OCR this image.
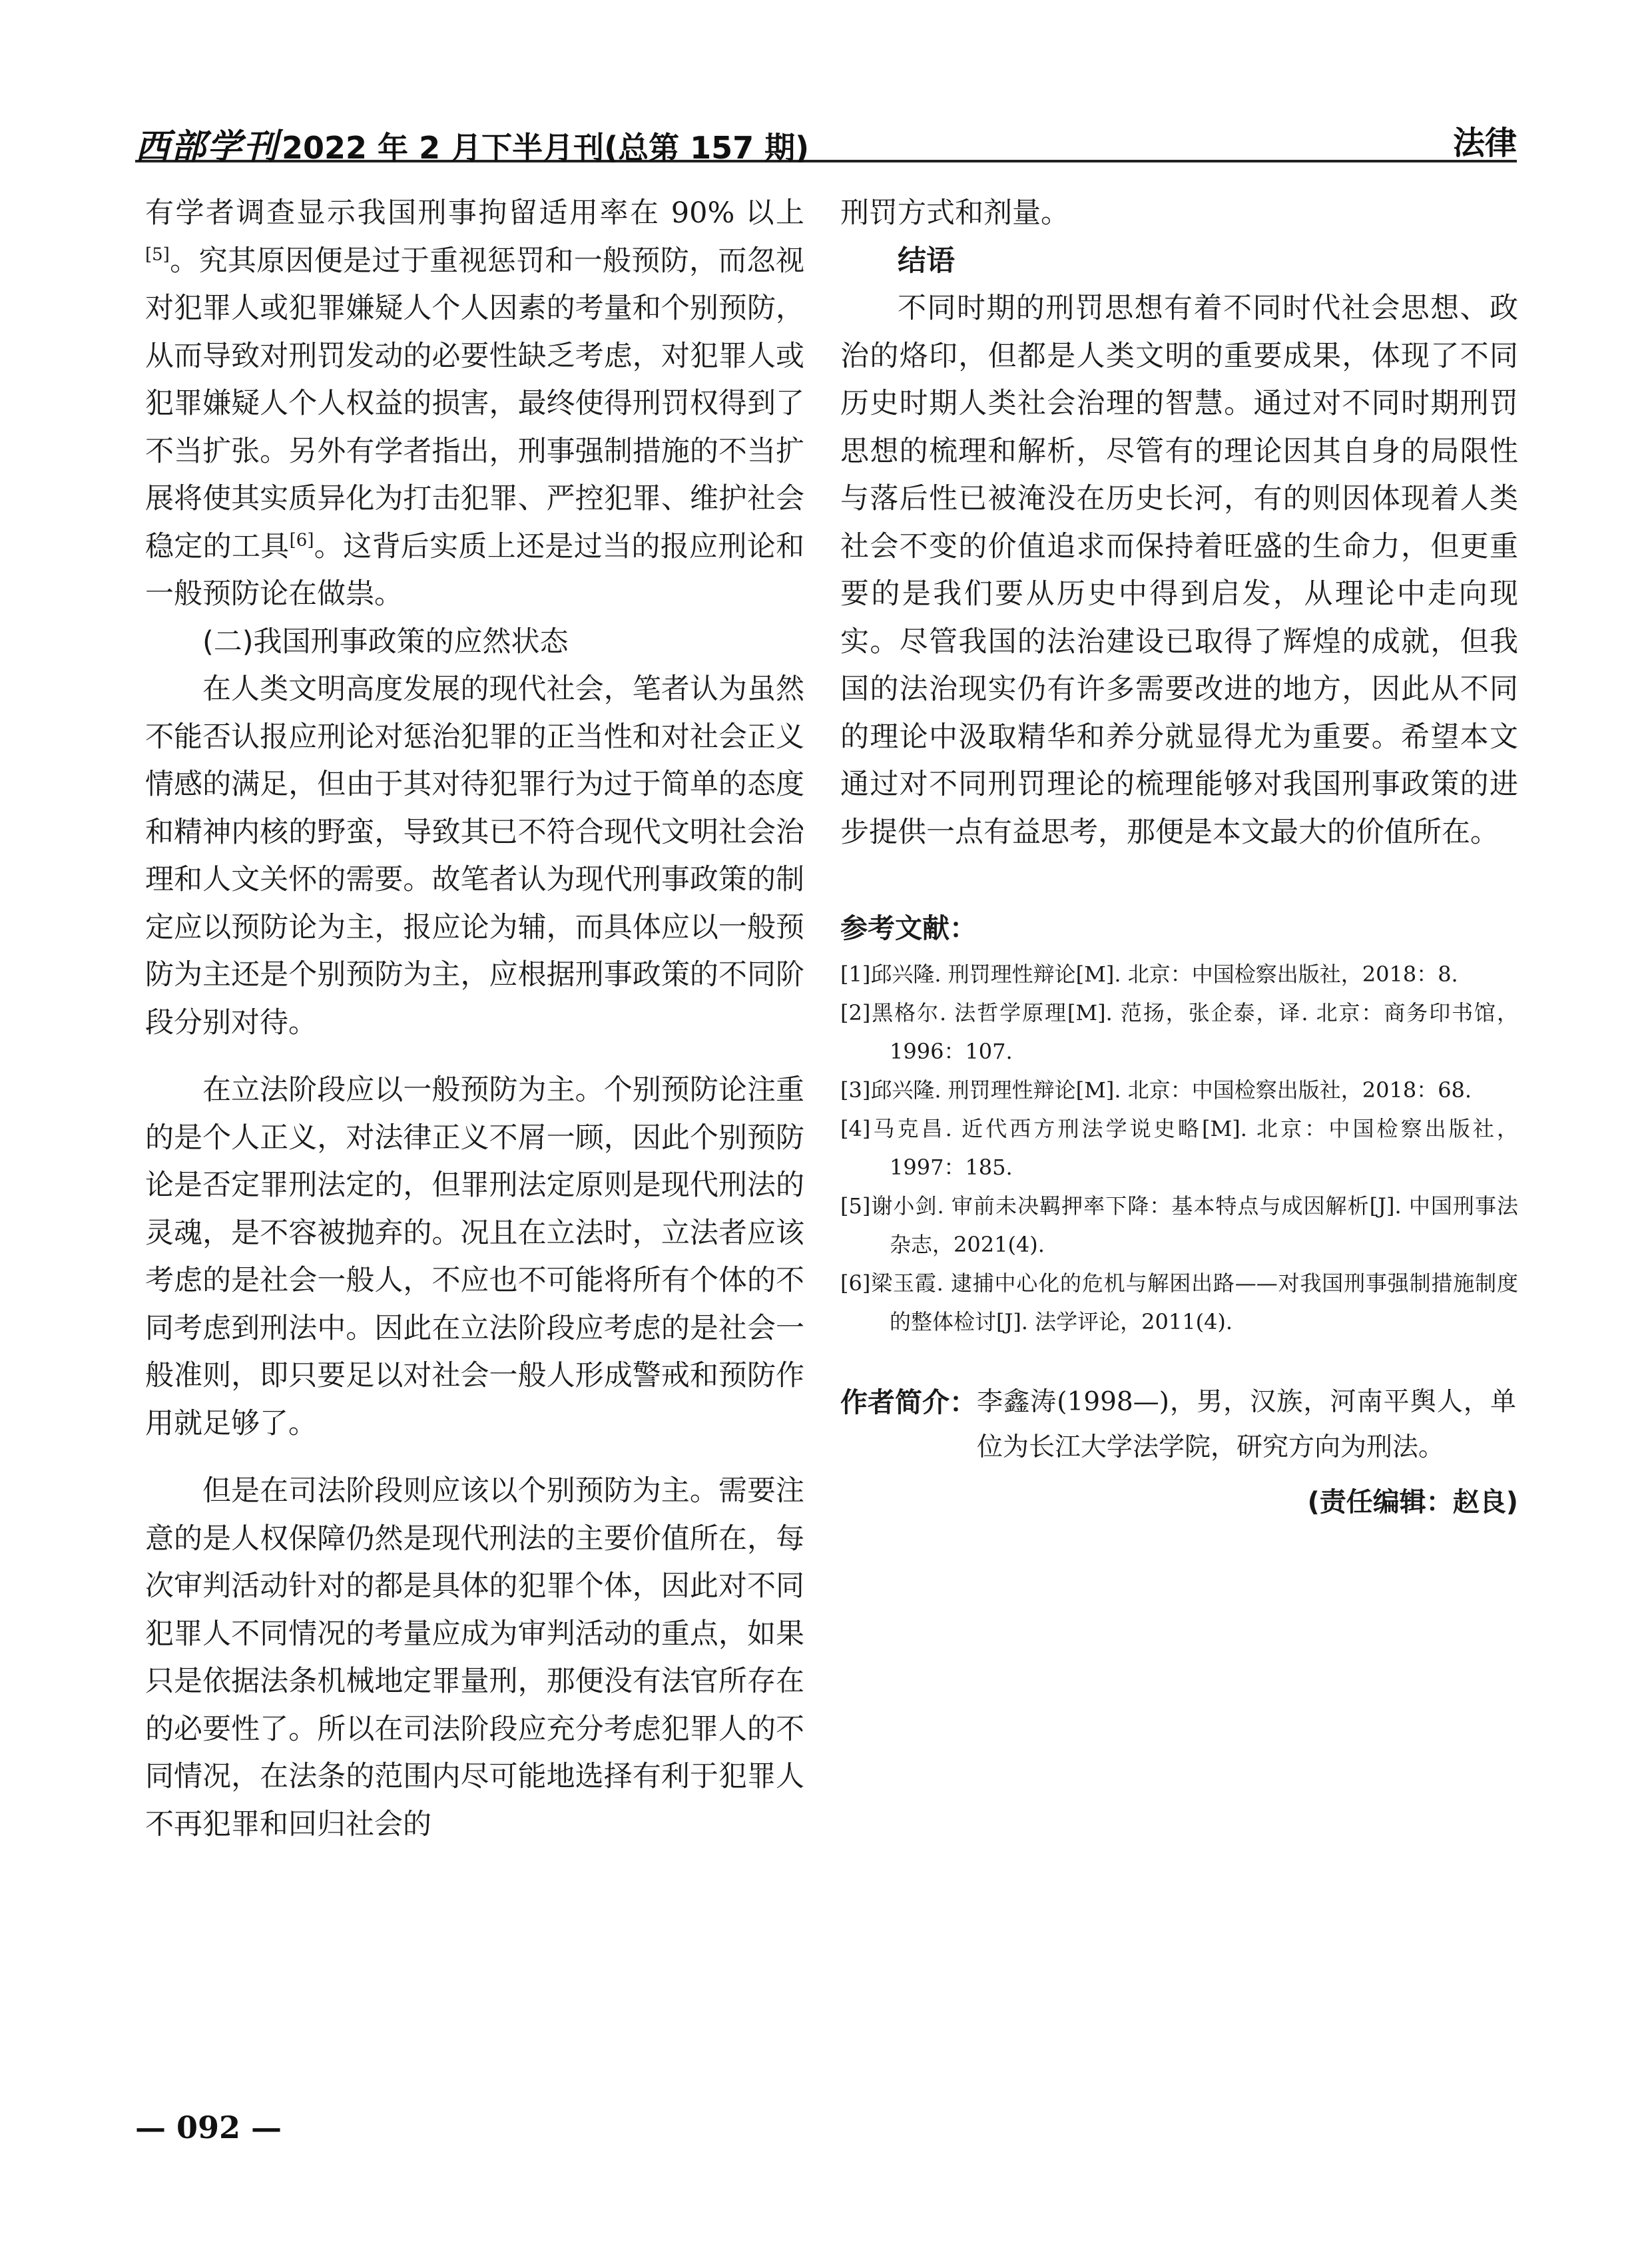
西部学刊2022 年 2 月下半月刊(总第 157 期)	法律

有学者调查显示我国刑事拘留适用率在 90% 以上[5]。究其原因便是过于重视惩罚和一般预防，而忽视对犯罪人或犯罪嫌疑人个人因素的考量和个别预防，从而导致对刑罚发动的必要性缺乏考虑，对犯罪人或犯罪嫌疑人个人权益的损害，最终使得刑罚权得到了不当扩张。另外有学者指出，刑事强制措施的不当扩展将使其实质异化为打击犯罪、严控犯罪、维护社会稳定的工具[6]。这背后实质上还是过当的报应刑论和一般预防论在做祟。

(二)我国刑事政策的应然状态

在人类文明高度发展的现代社会，笔者认为虽然不能否认报应刑论对惩治犯罪的正当性和对社会正义情感的满足，但由于其对待犯罪行为过于简单的态度和精神内核的野蛮，导致其已不符合现代文明社会治理和人文关怀的需要。故笔者认为现代刑事政策的制定应以预防论为主，报应论为辅，而具体应以一般预防为主还是个别预防为主，应根据刑事政策的不同阶段分别对待。

在立法阶段应以一般预防为主。个别预防论注重的是个人正义，对法律正义不屑一顾，因此个别预防论是否定罪刑法定的，但罪刑法定原则是现代刑法的灵魂，是不容被抛弃的。况且在立法时，立法者应该考虑的是社会一般人，不应也不可能将所有个体的不同考虑到刑法中。因此在立法阶段应考虑的是社会一般准则，即只要足以对社会一般人形成警戒和预防作用就足够了。

但是在司法阶段则应该以个别预防为主。需要注意的是人权保障仍然是现代刑法的主要价值所在，每次审判活动针对的都是具体的犯罪个体，因此对不同犯罪人不同情况的考量应成为审判活动的重点，如果只是依据法条机械地定罪量刑，那便没有法官所存在的必要性了。所以在司法阶段应充分考虑犯罪人的不同情况，在法条的范围内尽可能地选择有利于犯罪人不再犯罪和回归社会的

刑罚方式和剂量。

结语

不同时期的刑罚思想有着不同时代社会思想、政治的烙印，但都是人类文明的重要成果，体现了不同历史时期人类社会治理的智慧。通过对不同时期刑罚思想的梳理和解析，尽管有的理论因其自身的局限性与落后性已被淹没在历史长河，有的则因体现着人类社会不变的价值追求而保持着旺盛的生命力，但更重要的是我们要从历史中得到启发，从理论中走向现实。尽管我国的法治建设已取得了辉煌的成就，但我国的法治现实仍有许多需要改进的地方，因此从不同的理论中汲取精华和养分就显得尤为重要。希望本文通过对不同刑罚理论的梳理能够对我国刑事政策的进步提供一点有益思考，那便是本文最大的价值所在。

参考文献：

[1]邱兴隆. 刑罚理性辩论[M]. 北京：中国检察出版社，2018：8.

[2]黑格尔. 法哲学原理[M]. 范扬，张企泰，译. 北京：商务印书馆，1996：107.

[3]邱兴隆. 刑罚理性辩论[M]. 北京：中国检察出版社，2018：68.

[4]马克昌. 近代西方刑法学说史略[M]. 北京：中国检察出版社，1997：185.

[5]谢小剑. 审前未决羁押率下降：基本特点与成因解析[J]. 中国刑事法杂志，2021(4).

[6]梁玉霞. 逮捕中心化的危机与解困出路——对我国刑事强制措施制度的整体检讨[J]. 法学评论，2011(4).

作者简介： 李鑫涛(1998—)，男，汉族，河南平舆人，单位为长江大学法学院，研究方向为刑法。
(责任编辑：赵良)
— 092 —
